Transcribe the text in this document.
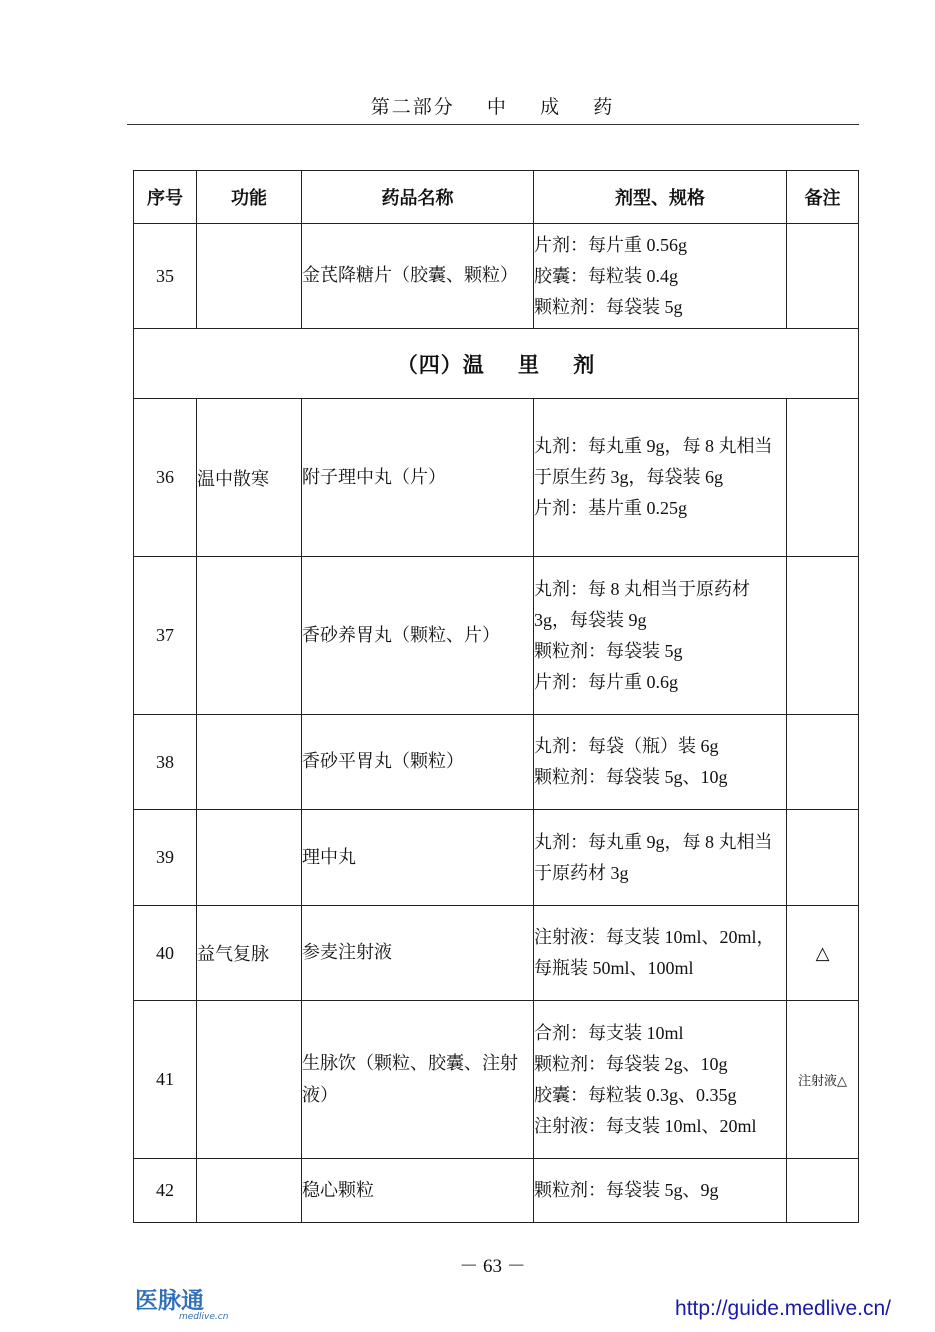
第二部分    中    成    药
序号	功能	药品名称	剂型、规格	备注
35		金芪降糖片（胶囊、颗粒）	片剂：每片重 0.56g
胶囊：每粒装 0.4g
颗粒剂：每袋装 5g	

（四）温    里    剂				
36	温中散寒	附子理中丸（片）	丸剂：每丸重 9g，每 8 丸相当于原生药 3g，每袋装 6g
片剂：基片重 0.25g	

37		香砂养胃丸（颗粒、片）	丸剂：每 8 丸相当于原药材 3g，每袋装 9g
颗粒剂：每袋装 5g
片剂：每片重 0.6g	

38		香砂平胃丸（颗粒）	丸剂：每袋（瓶）装 6g
颗粒剂：每袋装 5g、10g	

39		理中丸	丸剂：每丸重 9g，每 8 丸相当于原药材 3g	

40	益气复脉	参麦注射液	注射液：每支装 10ml、20ml，每瓶装 50ml、100ml	△
41		生脉饮（颗粒、胶囊、注射液）	合剂：每支装 10ml
颗粒剂：每袋装 2g、10g
胶囊：每粒装 0.3g、0.35g
注射液：每支装 10ml、20ml	注射液△
42		稳心颗粒	颗粒剂：每袋装 5g、9g	

－ 63 －
医脉通
medlive.cn	http://guide.medlive.cn/
